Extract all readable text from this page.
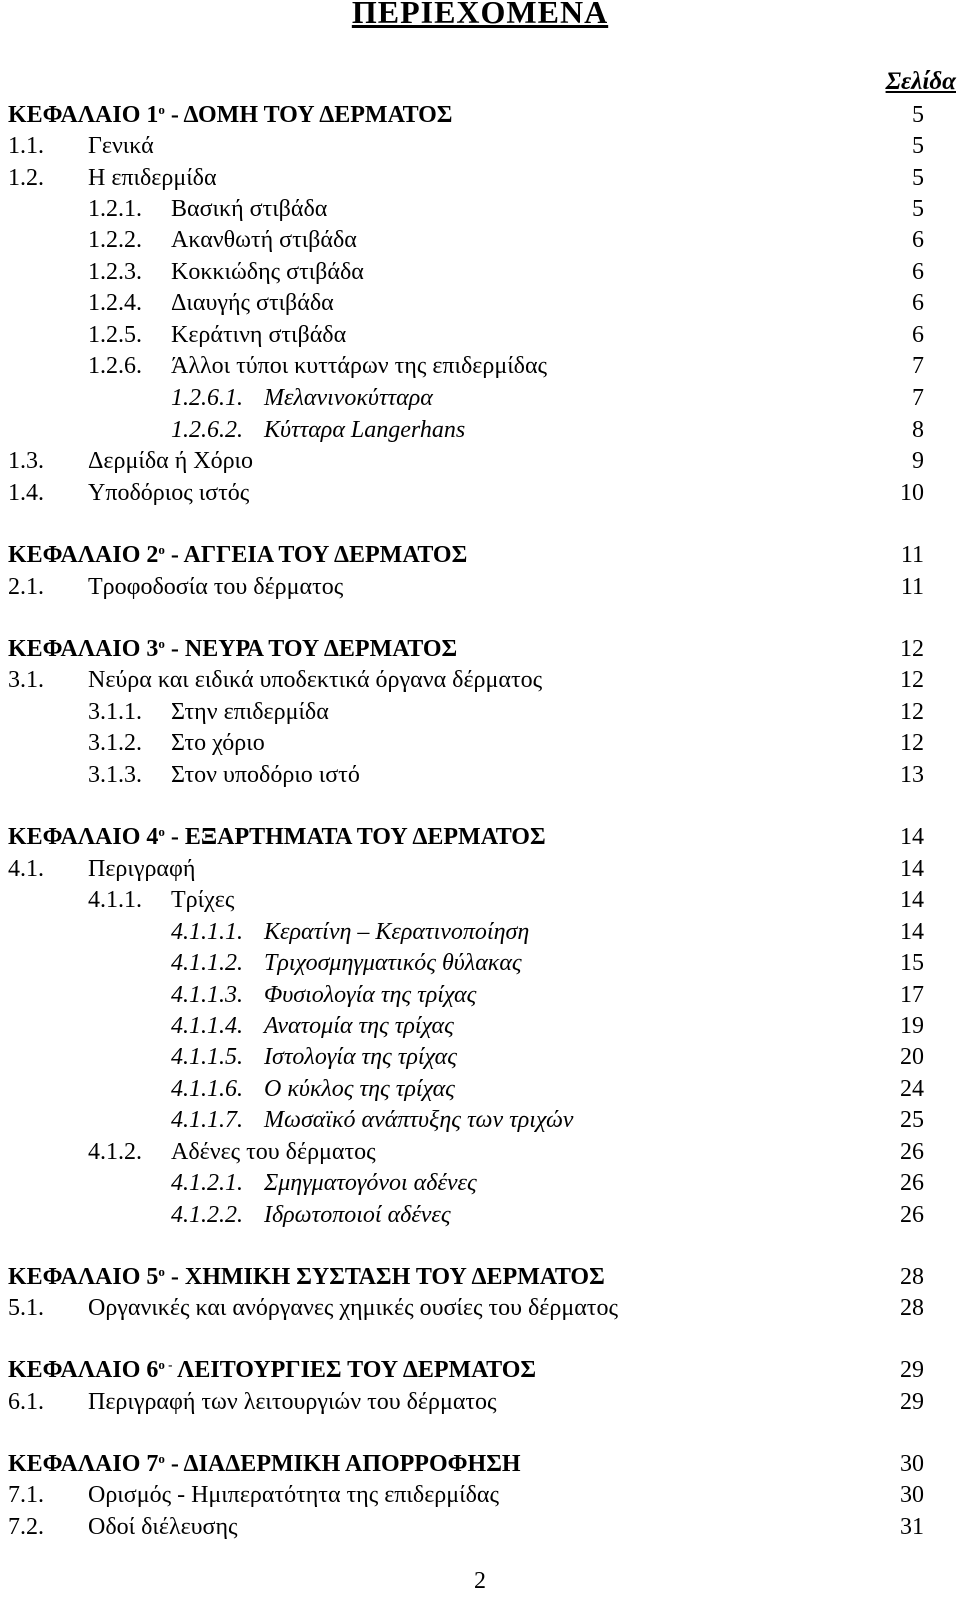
ΠΕΡΙΕΧΟΜΕΝΑ
Σελίδα
ΚΕΦΑΛΑΙΟ $1^o$ - ΔΟΜΗ ΤΟΥ ΔΕΡΜΑΤΟΣ	5
1.1. Γενικά	5
1.2. Η επιδερμίδα	5
1.2.1. Βασική στιβάδα	5
1.2.2. Ακανθωτή στιβάδα	6
1.2.3. Κοκκιώδης στιβάδα	6
1.2.4. Διαυγής στιβάδα	6
1.2.5. Κεράτινη στιβάδα	6
1.2.6. Άλλοι τύποι κυττάρων της επιδερμίδας	7
1.2.6.1. Μελανινοκύτταρα	7
1.2.6.2. Κύτταρα Langerhans	8
1.3. Δερμίδα ή Χόριο	9
1.4. Υποδόριος ιστός	10
ΚΕΦΑΛΑΙΟ $2^o$ - ΑΓΓΕΙΑ ΤΟΥ ΔΕΡΜΑΤΟΣ	11
2.1. Τροφοδοσία του δέρματος	11
ΚΕΦΑΛΑΙΟ $3^o$ - ΝΕΥΡΑ ΤΟΥ ΔΕΡΜΑΤΟΣ	12
3.1. Νεύρα και ειδικά υποδεκτικά όργανα δέρματος	12
3.1.1. Στην επιδερμίδα	12
3.1.2. Στο χόριο	12
3.1.3. Στον υποδόριο ιστό	13
ΚΕΦΑΛΑΙΟ $4^o$ - ΕΞΑΡΤΗΜΑΤΑ ΤΟΥ ΔΕΡΜΑΤΟΣ	14
4.1. Περιγραφή	14
4.1.1. Τρίχες	14
4.1.1.1. Κερατίνη – Κερατινοποίηση	14
4.1.1.2. Τριχοσμηγματικός θύλακας	15
4.1.1.3. Φυσιολογία της τρίχας	17
4.1.1.4. Ανατομία της τρίχας	19
4.1.1.5. Ιστολογία της τρίχας	20
4.1.1.6. Ο κύκλος της τρίχας	24
4.1.1.7. Μωσαϊκό ανάπτυξης των τριχών	25
4.1.2. Αδένες του δέρματος	26
4.1.2.1. Σμηγματογόνοι αδένες	26
4.1.2.2. Ιδρωτοποιοί αδένες	26
ΚΕΦΑΛΑΙΟ $5^o$ - ΧΗΜΙΚΗ ΣΥΣΤΑΣΗ ΤΟΥ ΔΕΡΜΑΤΟΣ	28
5.1. Οργανικές και ανόργανες χημικές ουσίες του δέρματος	28
ΚΕΦΑΛΑΙΟ $6^{o -}$ ΛΕΙΤΟΥΡΓΙΕΣ ΤΟΥ ΔΕΡΜΑΤΟΣ	29
6.1. Περιγραφή των λειτουργιών του δέρματος	29
ΚΕΦΑΛΑΙΟ $7^o$ - ΔΙΑΔΕΡΜΙΚΗ ΑΠΟΡΡΟΦΗΣΗ	30
7.1. Ορισμός - Ημιπερατότητα της επιδερμίδας	30
7.2. Οδοί διέλευσης	31
2
